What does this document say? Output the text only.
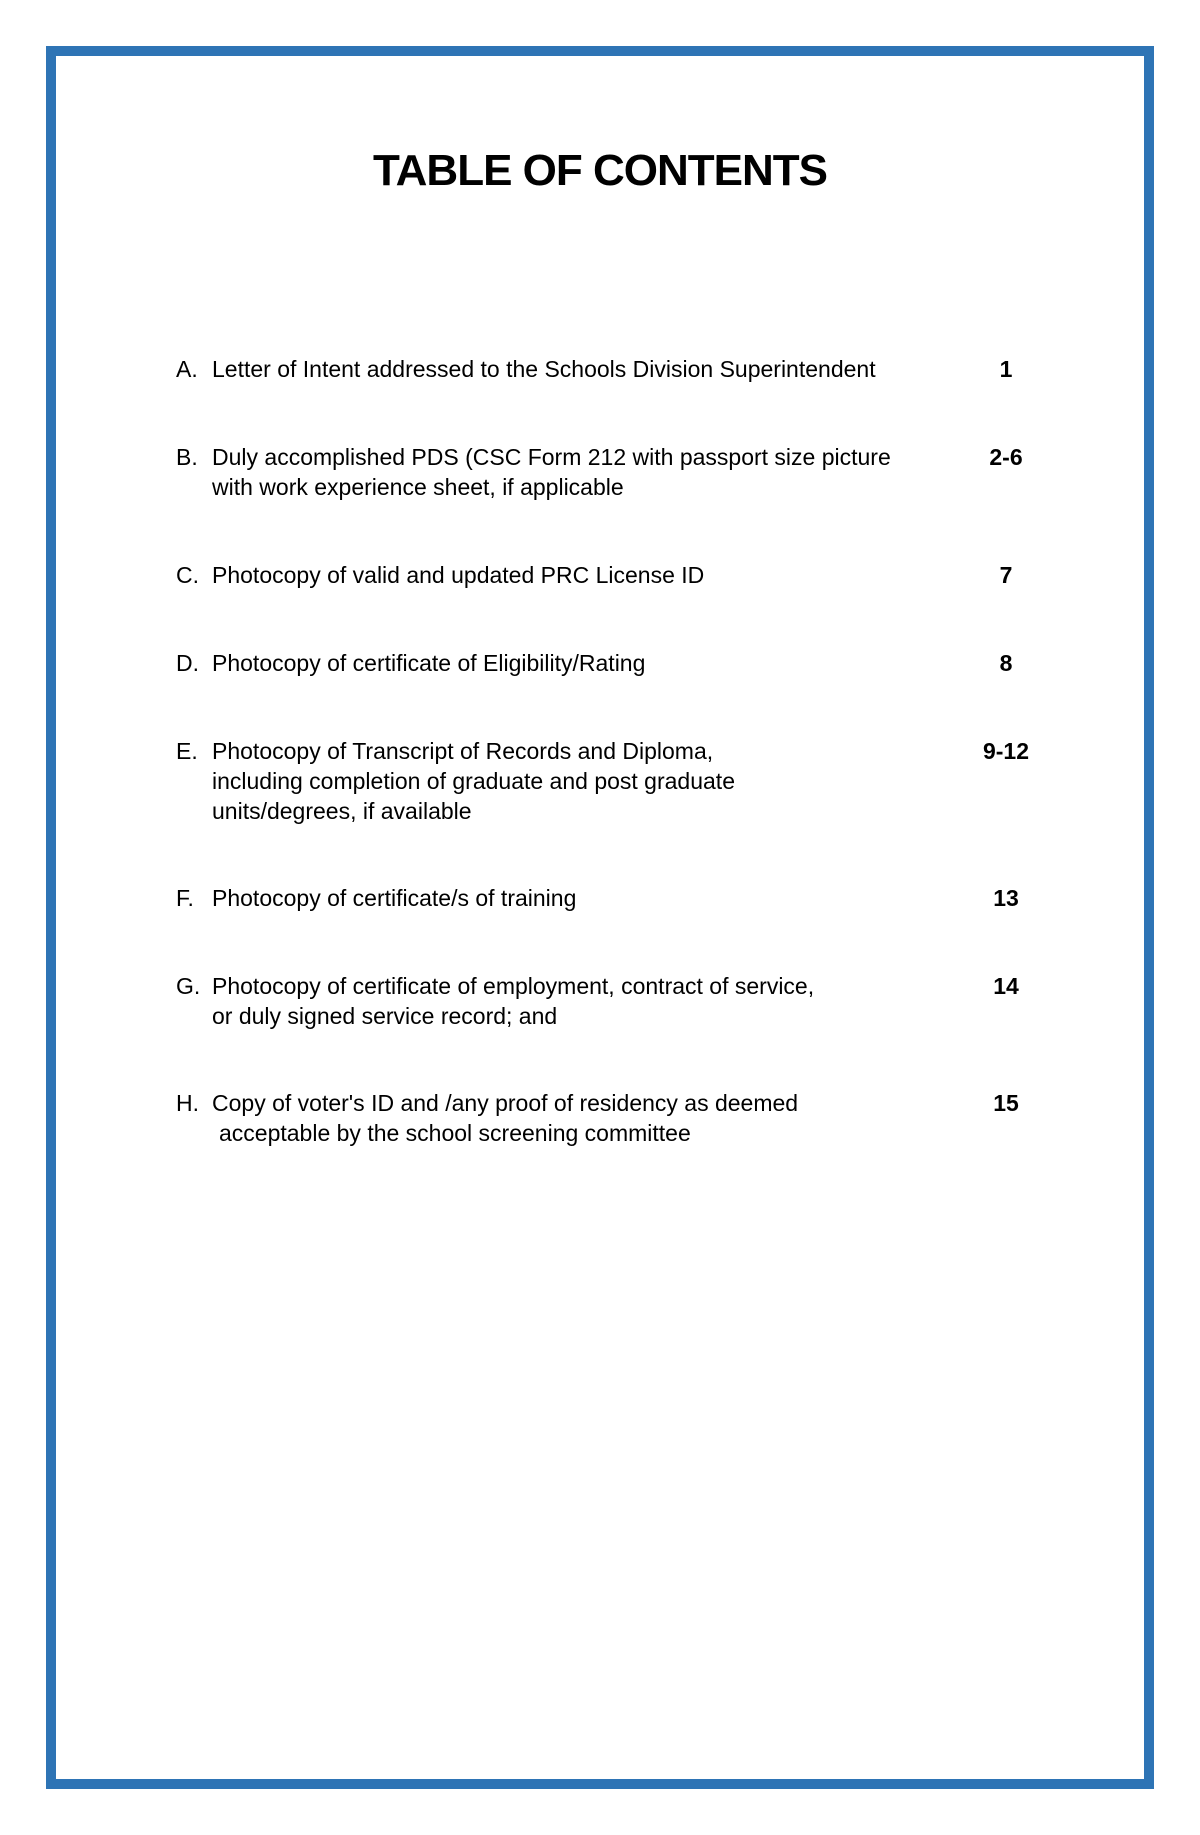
TABLE OF CONTENTS
A. Letter of Intent addressed to the Schools Division Superintendent	1
B. Duly accomplished PDS (CSC Form 212 with passport size picture
with work experience sheet, if applicable
2-6
C. Photocopy of valid and updated PRC License ID	7
D. Photocopy of certificate of Eligibility/Rating	8
E. Photocopy of Transcript of Records and Diploma,
including completion of graduate and post graduate
units/degrees, if available
9-12
F. Photocopy of certificate/s of training	13
G. Photocopy of certificate of employment, contract of service,
or duly signed service record; and
14
H. Copy of voter's ID and /any proof of residency as deemed
acceptable by the school screening committee
15
